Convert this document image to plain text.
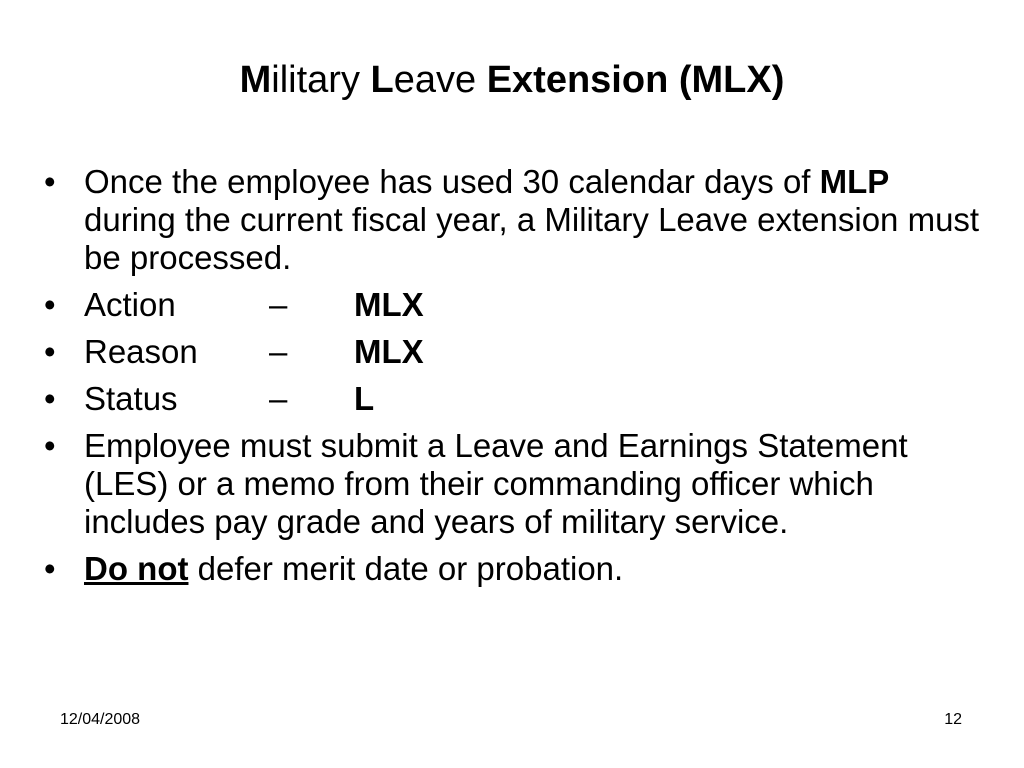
Military Leave Extension (MLX)
• Once the employee has used 30 calendar days of MLP during the current fiscal year, a Military Leave extension must be processed.
• Action	–	MLX
• Reason	–	MLX
• Status	–	L
• Employee must submit a Leave and Earnings Statement (LES) or a memo from their commanding officer which includes pay grade and years of military service.
• Do not defer merit date or probation.
12/04/2008	12
